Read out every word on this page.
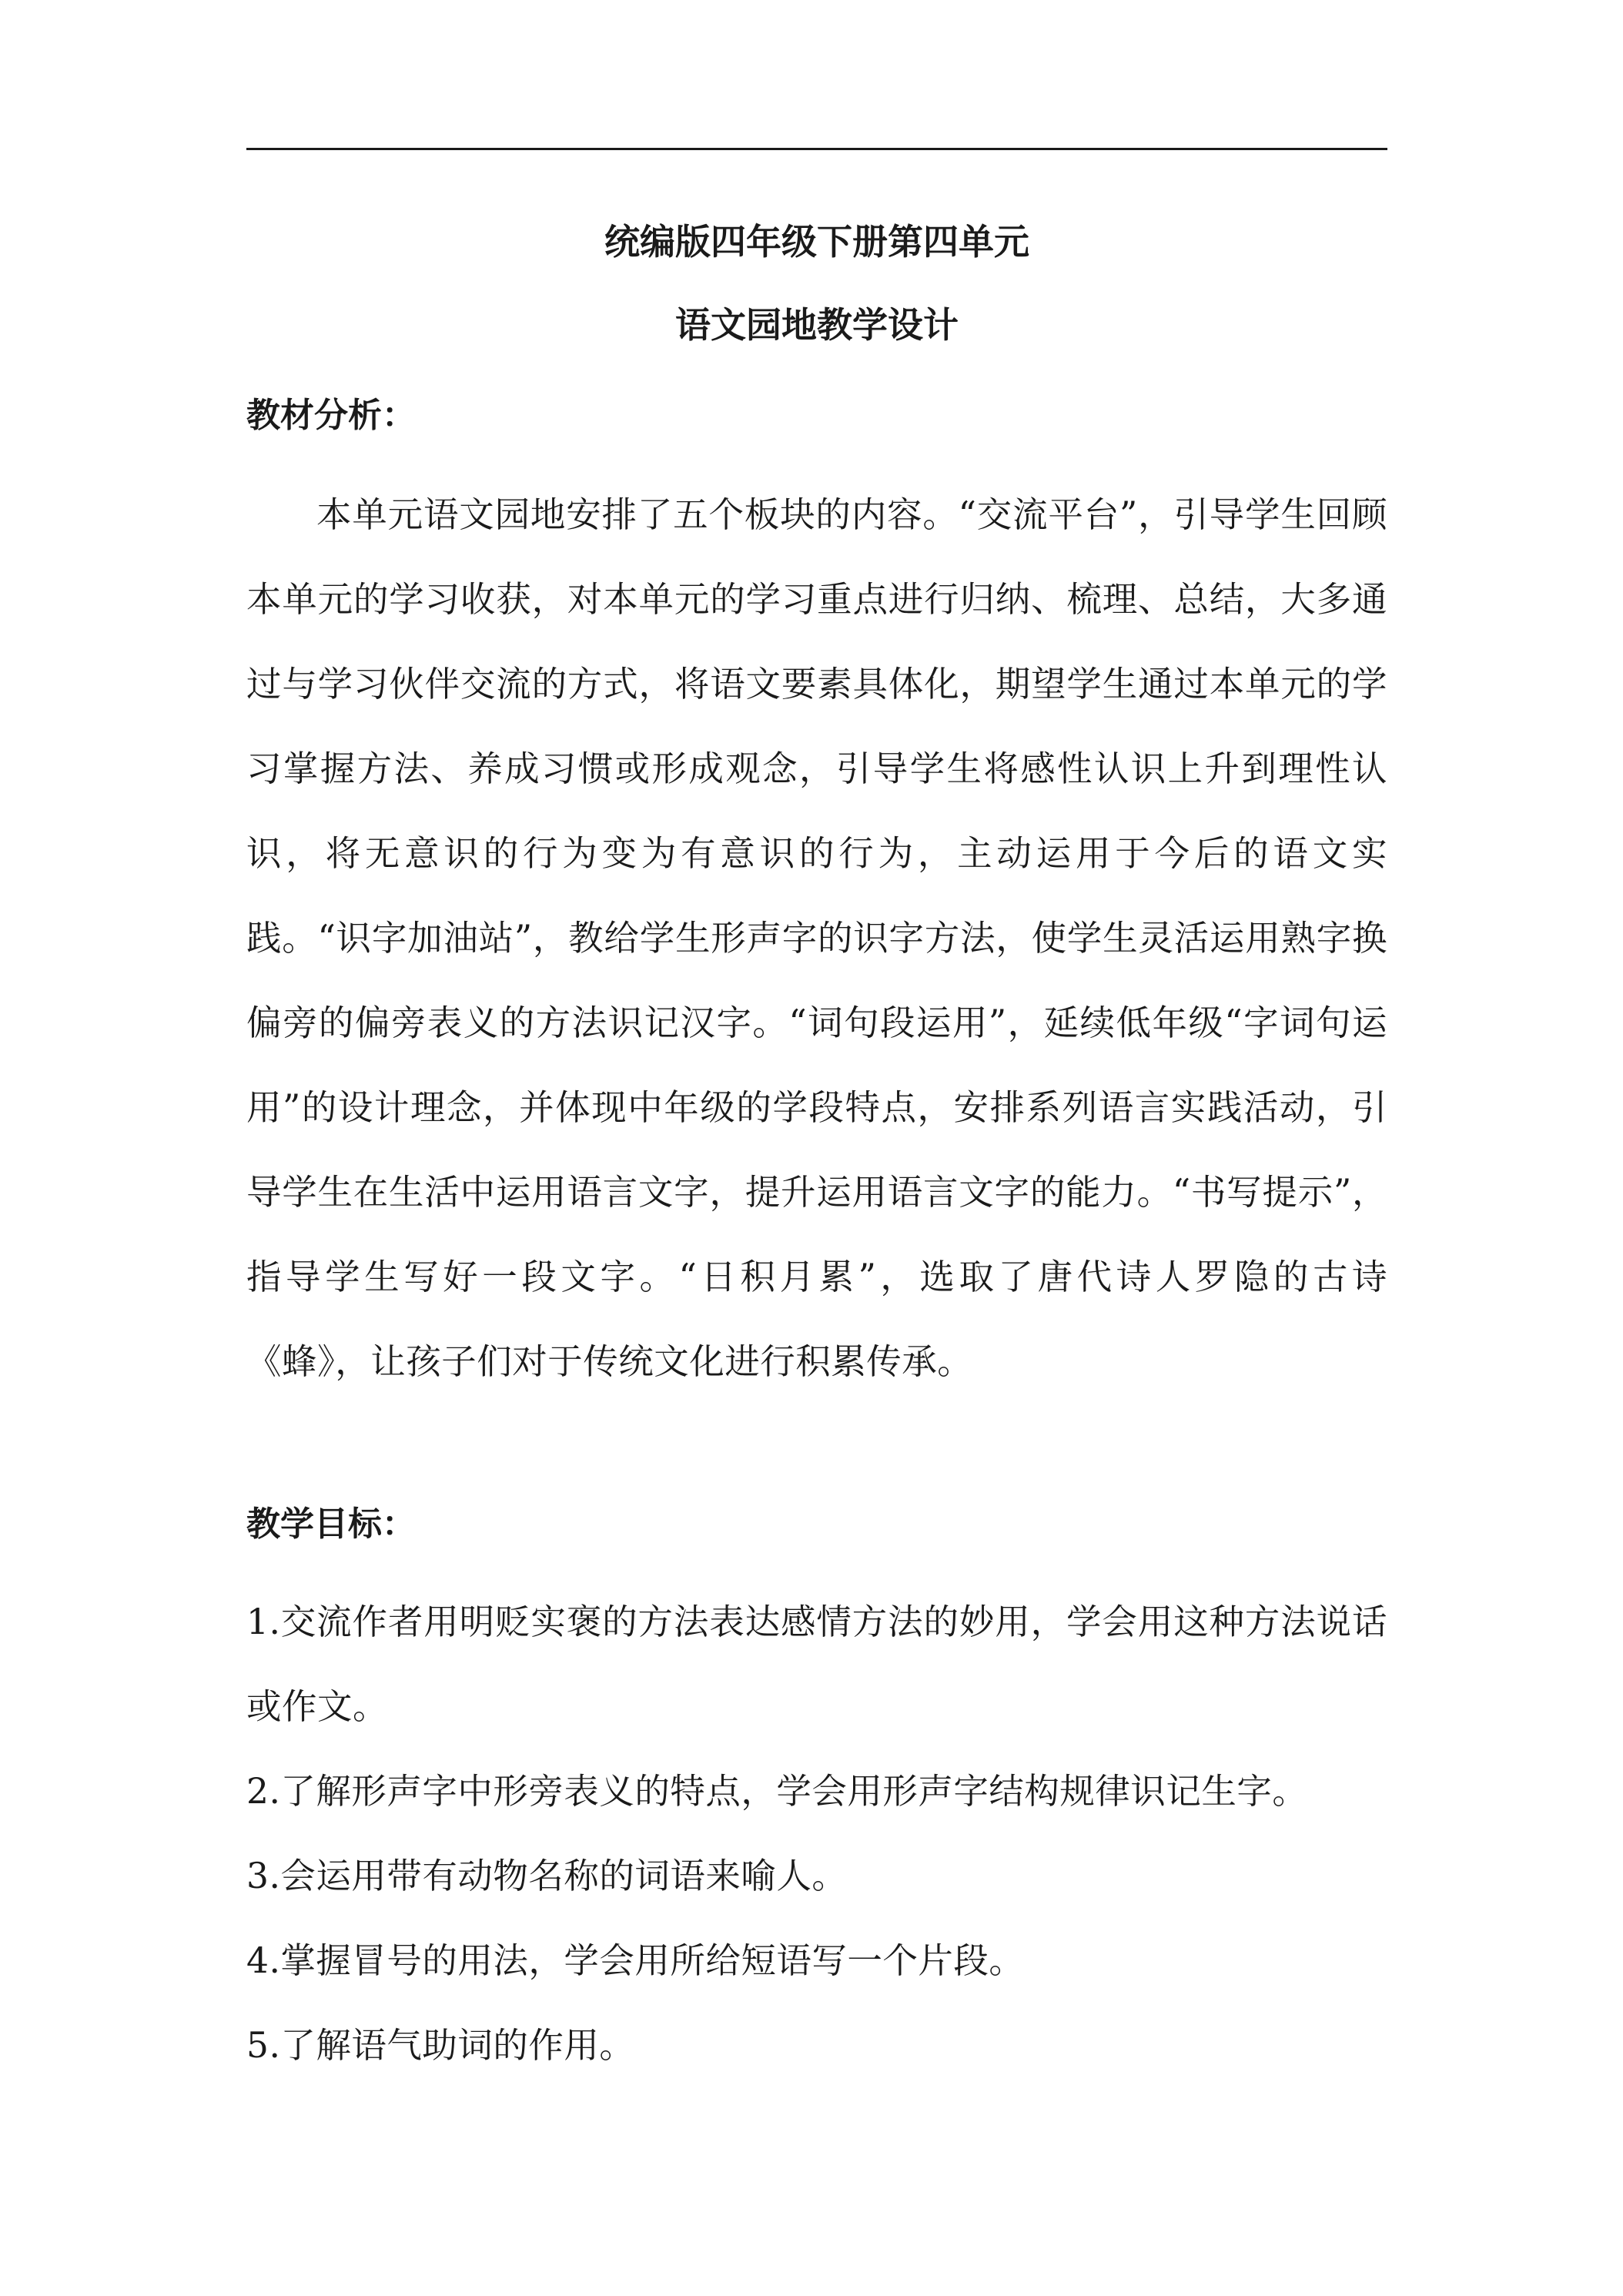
统编版四年级下册第四单元
语文园地教学设计
教材分析：

本单元语文园地安排了五个板块的内容。“交流平台”，引导学生回顾本单元的学习收获，对本单元的学习重点进行归纳、梳理、总结，大多通过与学习伙伴交流的方式，将语文要素具体化，期望学生通过本单元的学习掌握方法、养成习惯或形成观念，引导学生将感性认识上升到理性认识，将无意识的行为变为有意识的行为，主动运用于今后的语文实践。“识字加油站”，教给学生形声字的识字方法，使学生灵活运用熟字换偏旁的偏旁表义的方法识记汉字。“词句段运用”，延续低年级“字词句运用”的设计理念，并体现中年级的学段特点，安排系列语言实践活动，引导学生在生活中运用语言文字，提升运用语言文字的能力。“书写提示”，指导学生写好一段文字。“日积月累”，选取了唐代诗人罗隐的古诗《蜂》，让孩子们对于传统文化进行积累传承。

教学目标：
1.交流作者用明贬实褒的方法表达感情方法的妙用，学会用这种方法说话或作文。
2.了解形声字中形旁表义的特点，学会用形声字结构规律识记生字。
3.会运用带有动物名称的词语来喻人。
4.掌握冒号的用法，学会用所给短语写一个片段。
5.了解语气助词的作用。
